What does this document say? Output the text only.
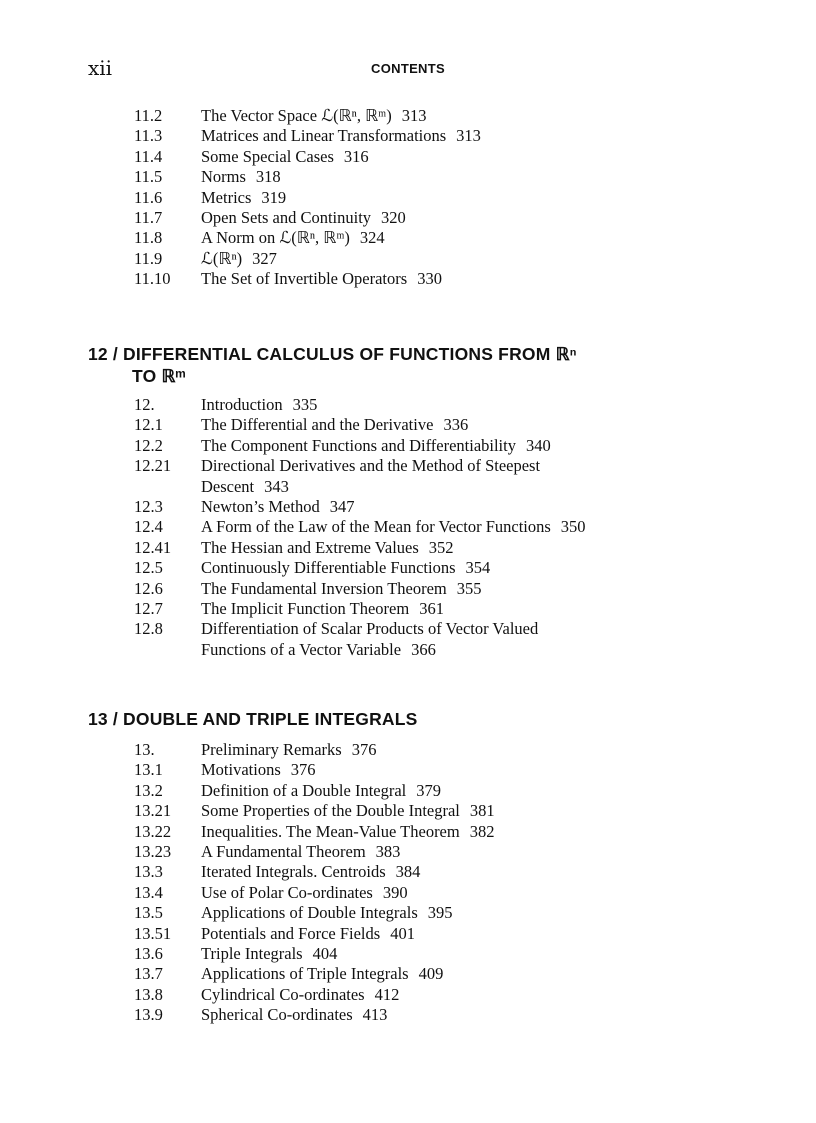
xii	CONTENTS
11.2	The Vector Space ℒ(ℝⁿ, ℝᵐ) 313
11.3	Matrices and Linear Transformations 313
11.4	Some Special Cases 316
11.5	Norms 318
11.6	Metrics 319
11.7	Open Sets and Continuity 320
11.8	A Norm on ℒ(ℝⁿ, ℝᵐ) 324
11.9	ℒ(ℝⁿ) 327
11.10	The Set of Invertible Operators 330
12 / DIFFERENTIAL CALCULUS OF FUNCTIONS FROM ℝⁿ
TO ℝᵐ
12.	Introduction 335
12.1	The Differential and the Derivative 336
12.2	The Component Functions and Differentiability 340
12.21	Directional Derivatives and the Method of Steepest
Descent 343
12.3	Newton’s Method 347
12.4	A Form of the Law of the Mean for Vector Functions 350
12.41	The Hessian and Extreme Values 352
12.5	Continuously Differentiable Functions 354
12.6	The Fundamental Inversion Theorem 355
12.7	The Implicit Function Theorem 361
12.8	Differentiation of Scalar Products of Vector Valued
Functions of a Vector Variable 366
13 / DOUBLE AND TRIPLE INTEGRALS
13.	Preliminary Remarks 376
13.1	Motivations 376
13.2	Definition of a Double Integral 379
13.21	Some Properties of the Double Integral 381
13.22	Inequalities. The Mean-Value Theorem 382
13.23	A Fundamental Theorem 383
13.3	Iterated Integrals. Centroids 384
13.4	Use of Polar Co-ordinates 390
13.5	Applications of Double Integrals 395
13.51	Potentials and Force Fields 401
13.6	Triple Integrals 404
13.7	Applications of Triple Integrals 409
13.8	Cylindrical Co-ordinates 412
13.9	Spherical Co-ordinates 413
